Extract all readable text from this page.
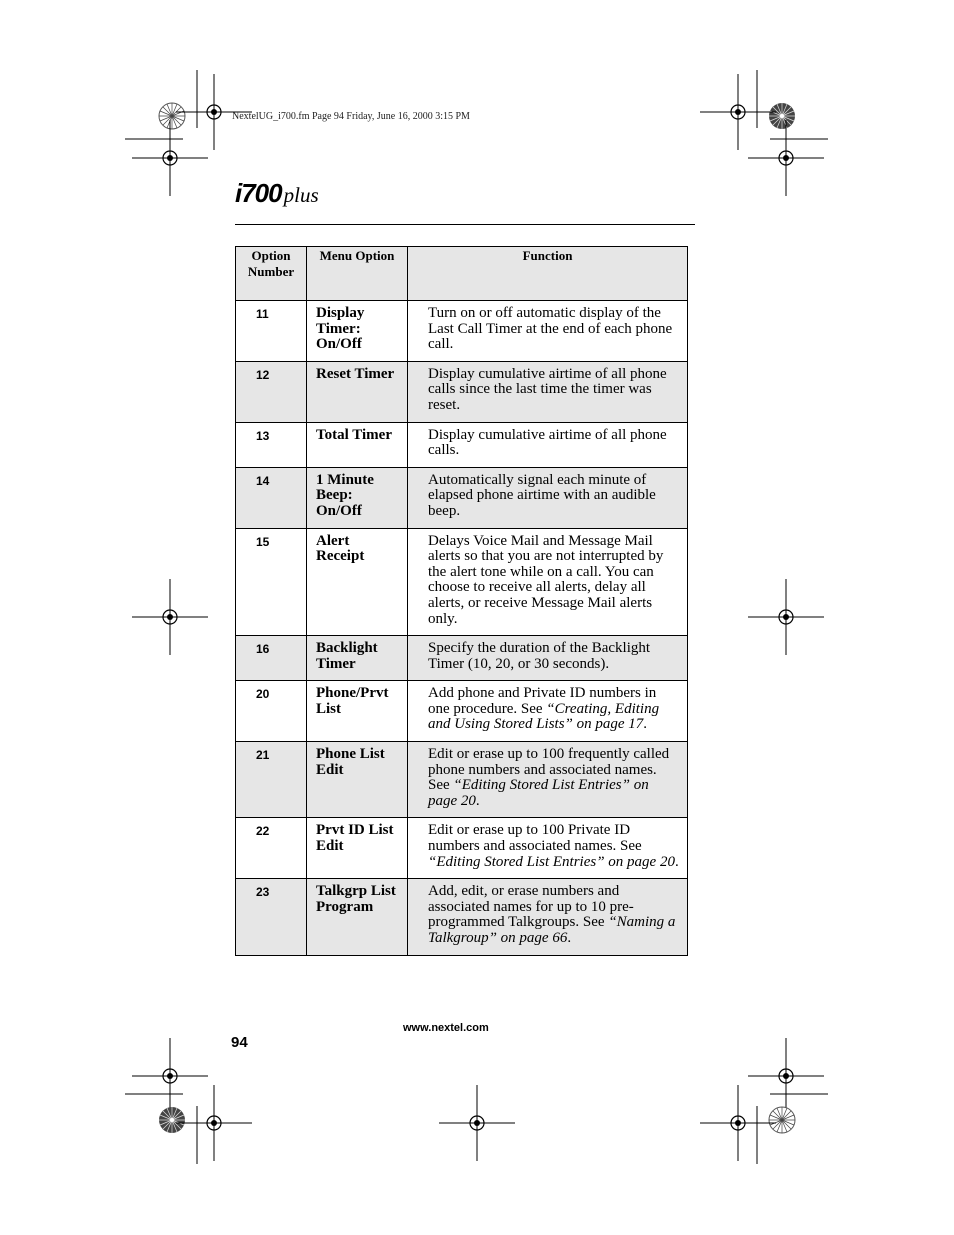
NextelUG_i700.fm Page 94 Friday, June 16, 2000 3:15 PM
i700plus
Option Number	Menu Option	Function
11	Display Timer: On/Off	Turn on or off automatic display of the Last Call Timer at the end of each phone call.
12	Reset Timer	Display cumulative airtime of all phone calls since the last time the timer was reset.
13	Total Timer	Display cumulative airtime of all phone calls.
14	1 Minute Beep: On/Off	Automatically signal each minute of elapsed phone airtime with an audible beep.
15	Alert Receipt	Delays Voice Mail and Message Mail alerts so that you are not interrupted by the alert tone while on a call. You can choose to receive all alerts, delay all alerts, or receive Message Mail alerts only.
16	Backlight Timer	Specify the duration of the Backlight Timer (10, 20, or 30 seconds).
20	Phone/Prvt List	Add phone and Private ID numbers in one procedure. See “Creating, Editing and Using Stored Lists” on page 17.
21	Phone List Edit	Edit or erase up to 100 frequently called phone numbers and associated names. See “Editing Stored List Entries” on page 20.
22	Prvt ID List Edit	Edit or erase up to 100 Private ID numbers and associated names. See “Editing Stored List Entries” on page 20.
23	Talkgrp List Program	Add, edit, or erase numbers and associated names for up to 10 pre-programmed Talkgroups. See “Naming a Talkgroup” on page 66.
94
www.nextel.com
